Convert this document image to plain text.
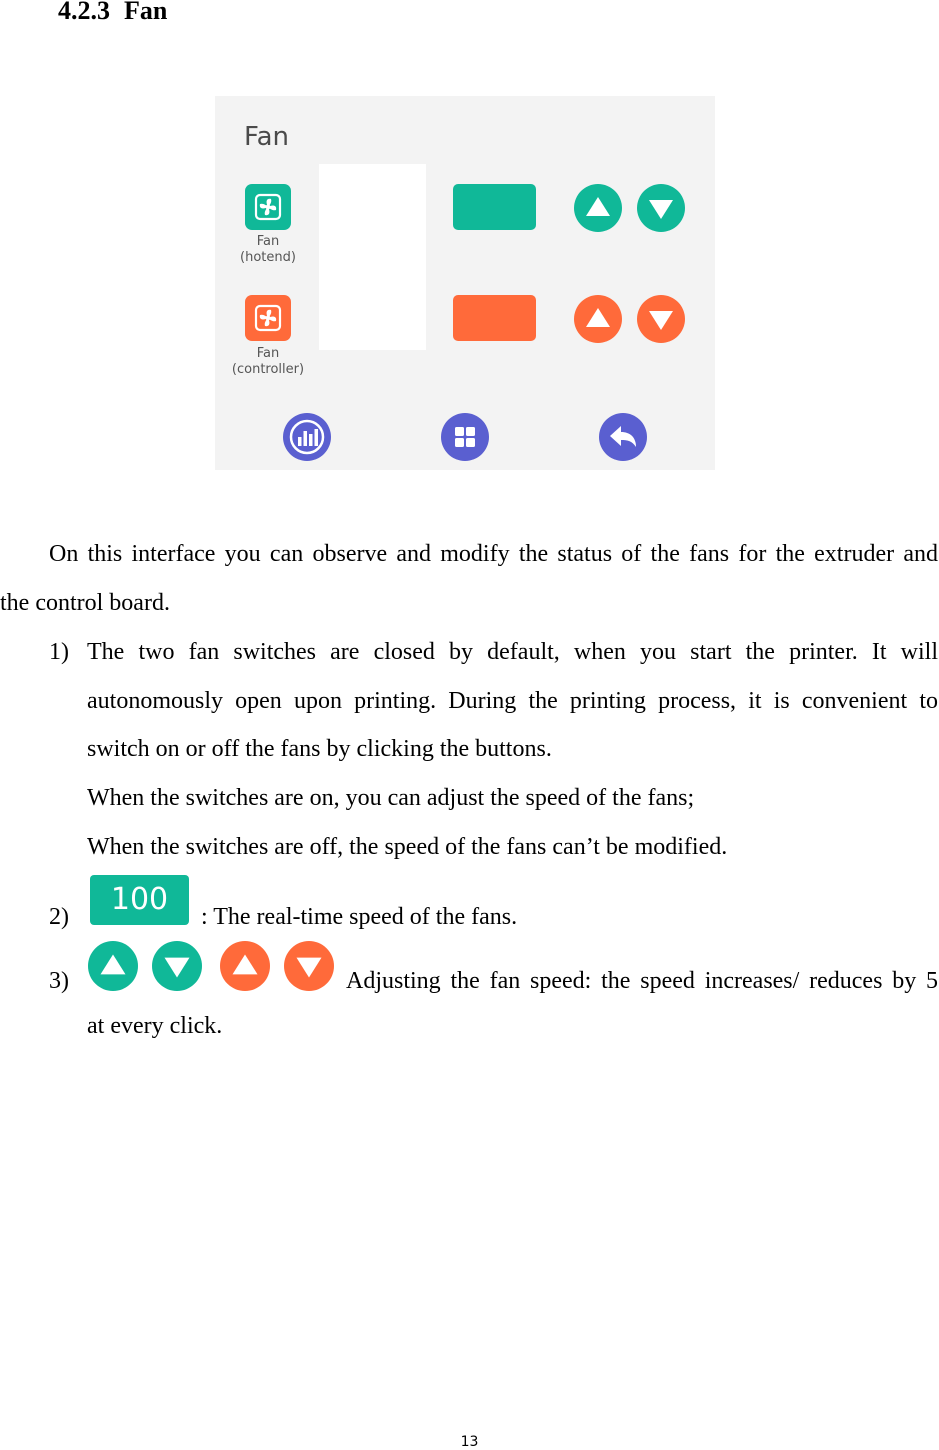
4.2.3 Fan
Fan
Fan
(hotend)
Fan
(controller)
On this interface you can observe and modify the status of the fans for the extruder and
the control board.
1) The two fan switches are closed by default, when you start the printer. It will
autonomously open upon printing. During the printing process, it is convenient to
switch on or off the fans by clicking the buttons.
When the switches are on, you can adjust the speed of the fans;
When the switches are off, the speed of the fans can’t be modified.
2)	100	: The real-time speed of the fans.
3)	Adjusting the fan speed: the speed increases/ reduces by 5
at every click.
13
